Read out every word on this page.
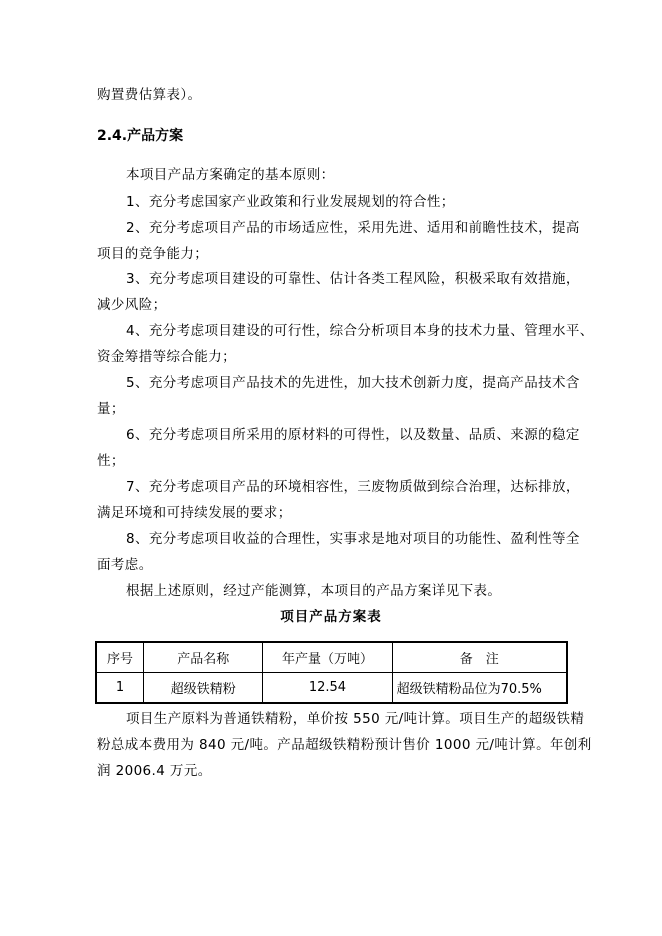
购置费估算表）。
2.4.产品方案
本项目产品方案确定的基本原则：
1、充分考虑国家产业政策和行业发展规划的符合性；
2、充分考虑项目产品的市场适应性，采用先进、适用和前瞻性技术，提高
项目的竞争能力；
3、充分考虑项目建设的可靠性、估计各类工程风险，积极采取有效措施，
减少风险；
4、充分考虑项目建设的可行性，综合分析项目本身的技术力量、管理水平、
资金筹措等综合能力；
5、充分考虑项目产品技术的先进性，加大技术创新力度，提高产品技术含
量；
6、充分考虑项目所采用的原材料的可得性，以及数量、品质、来源的稳定
性；
7、充分考虑项目产品的环境相容性，三废物质做到综合治理，达标排放，
满足环境和可持续发展的要求；
8、充分考虑项目收益的合理性，实事求是地对项目的功能性、盈利性等全
面考虑。
根据上述原则，经过产能测算，本项目的产品方案详见下表。
项目产品方案表
序号	产品名称	年产量（万吨）	备　注
1	超级铁精粉	12.54	超级铁精粉品位为70.5%
项目生产原料为普通铁精粉，单价按 550 元/吨计算。项目生产的超级铁精
粉总成本费用为 840 元/吨。产品超级铁精粉预计售价 1000 元/吨计算。年创利
润 2006.4 万元。
